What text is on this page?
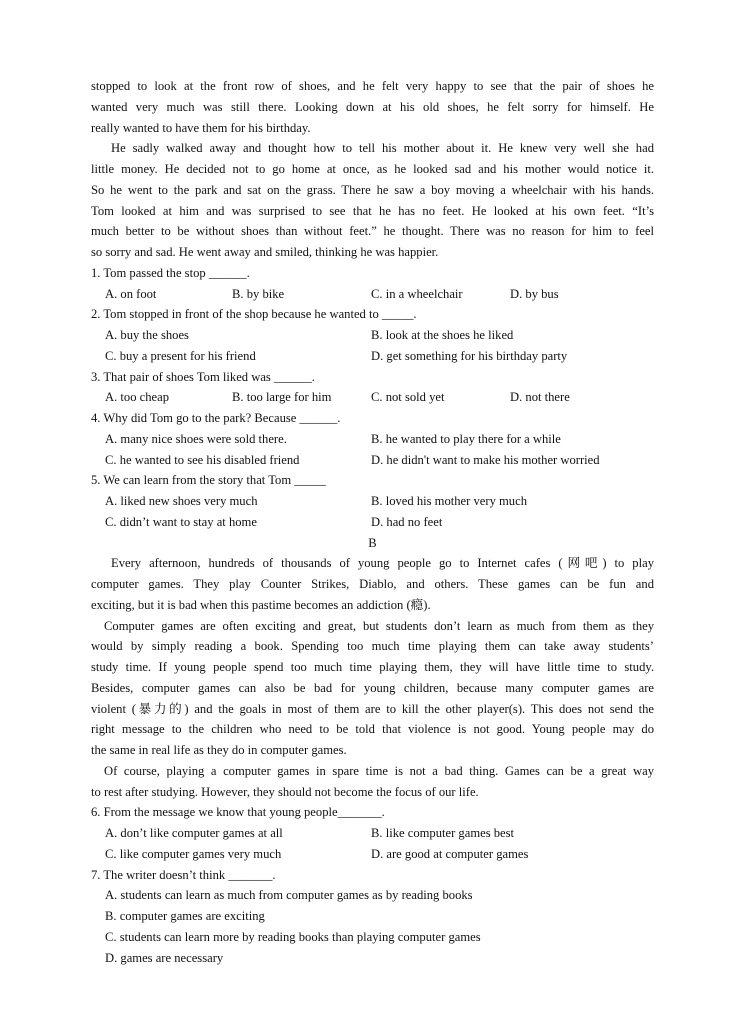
stopped to look at the front row of shoes, and he felt very happy to see that the pair of shoes he
wanted very much was still there. Looking down at his old shoes, he felt sorry for himself. He
really wanted to have them for his birthday.
He sadly walked away and thought how to tell his mother about it. He knew very well she had
little money. He decided not to go home at once, as he looked sad and his mother would notice it.
So he went to the park and sat on the grass. There he saw a boy moving a wheelchair with his hands.
Tom looked at him and was surprised to see that he has no feet. He looked at his own feet. “It’s
much better to be without shoes than without feet.” he thought. There was no reason for him to feel
so sorry and sad. He went away and smiled, thinking he was happier.
1. Tom passed the stop ______.
A. on foot	B. by bike	C. in a wheelchair	D. by bus
2. Tom stopped in front of the shop because he wanted to _____.
A. buy the shoes	B. look at the shoes he liked
C. buy a present for his friend	D. get something for his birthday party
3. That pair of shoes Tom liked was ______.
A. too cheap	B. too large for him	C. not sold yet	D. not there
4. Why did Tom go to the park? Because ______.
A. many nice shoes were sold there.	B. he wanted to play there for a while
C. he wanted to see his disabled friend	D. he didn't want to make his mother worried
5. We can learn from the story that Tom _____
A. liked new shoes very much	B. loved his mother very much
C. didn’t want to stay at home	D. had no feet
B
Every afternoon, hundreds of thousands of young people go to Internet cafes (网吧) to play
computer games. They play Counter Strikes, Diablo, and others. These games can be fun and
exciting, but it is bad when this pastime becomes an addiction (瘾).
Computer games are often exciting and great, but students don’t learn as much from them as they
would by simply reading a book. Spending too much time playing them can take away students’
study time. If young people spend too much time playing them, they will have little time to study.
Besides, computer games can also be bad for young children, because many computer games are
violent (暴力的) and the goals in most of them are to kill the other player(s). This does not send the
right message to the children who need to be told that violence is not good. Young people may do
the same in real life as they do in computer games.
Of course, playing a computer games in spare time is not a bad thing. Games can be a great way
to rest after studying. However, they should not become the focus of our life.
6. From the message we know that young people_______.
A. don’t like computer games at all	B. like computer games best
C. like computer games very much	D. are good at computer games
7. The writer doesn’t think _______.
A. students can learn as much from computer games as by reading books
B. computer games are exciting
C. students can learn more by reading books than playing computer games
D. games are necessary
